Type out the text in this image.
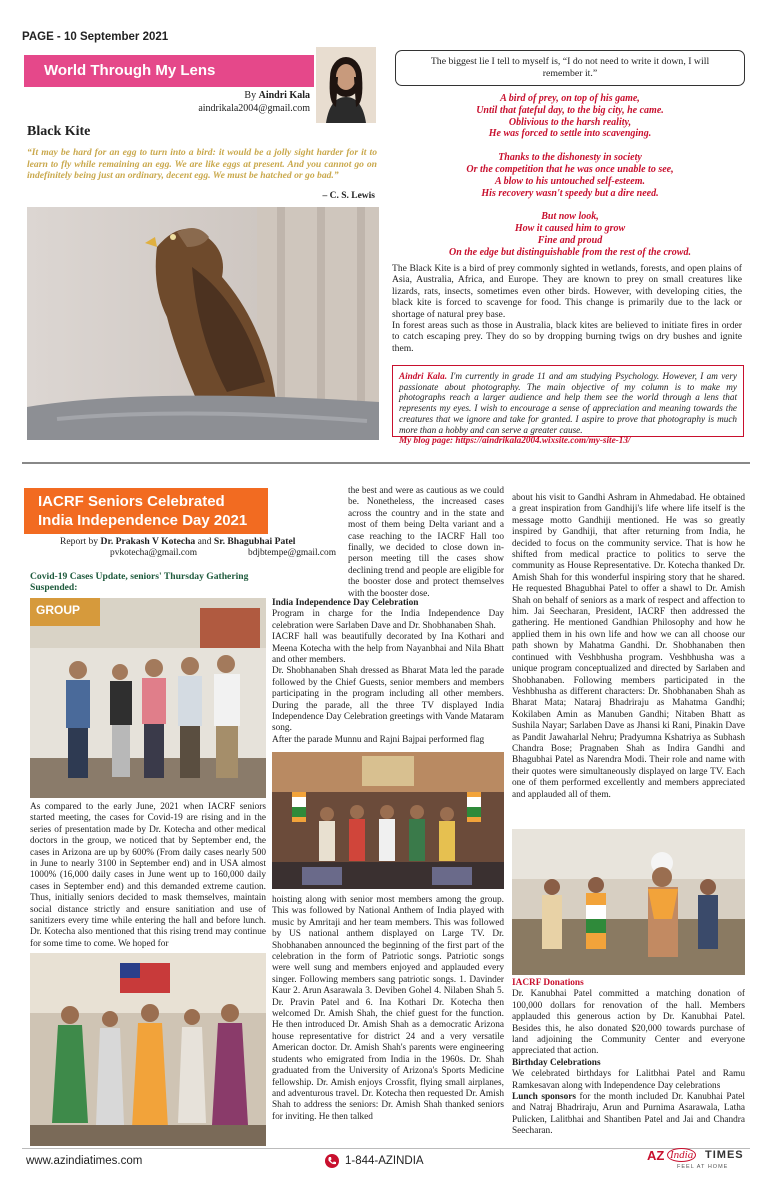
PAGE - 10 September 2021
World Through My Lens
By Aindri Kala
aindrikala2004@gmail.com
Black Kite
“It may be hard for an egg to turn into a bird: it would be a jolly sight harder for it to learn to fly while remaining an egg. We are like eggs at present. And you cannot go on indefinitely being just an ordinary, decent egg. We must be hatched or go bad.”
– C. S. Lewis
The biggest lie I tell to myself is, “I do not need to write it down, I will remember it.”
A bird of prey, on top of his game,
Until that fateful day, to the big city, he came.
Oblivious to the harsh reality,
He was forced to settle into scavenging.
Thanks to the dishonesty in society
Or the competition that he was once unable to see,
A blow to his untouched self-esteem.
His recovery wasn't speedy but a dire need.
But now look,
How it caused him to grow
Fine and proud
On the edge but distinguishable from the rest of the crowd.

The Black Kite is a bird of prey commonly sighted in wetlands, forests, and open plains of Asia, Australia, Africa, and Europe. They are known to prey on small creatures like lizards, rats, insects, sometimes even other birds. However, with developing cities, the black kite is forced to scavenge for food. This change is primarily due to the lack or shortage of natural prey base.

In forest areas such as those in Australia, black kites are believed to initiate fires in order to catch escaping prey. They do so by dropping burning twigs on dry bushes and ignite them.

Aindri Kala. I'm currently in grade 11 and am studying Psychology. However, I am very passionate about photography. The main objective of my column is to make my photographs reach a larger audience and help them see the world through a lens that represents my eyes. I wish to encourage a sense of appreciation and meaning towards the creatures that we ignore and take for granted. I aspire to prove that photography is much more than a hobby and can serve a greater cause.
My blog page: https://aindrikala2004.wixsite.com/my-site-13/
IACRF Seniors Celebrated
India Independence Day 2021
Report by Dr. Prakash V Kotecha and Sr. Bhagubhai Patel
pvkotecha@gmail.com	bdjbtempe@gmail.com
Covid-19 Cases Update, seniors' Thursday Gathering Suspended:
GROUP
As compared to the early June, 2021 when IACRF seniors started meeting, the cases for Covid-19 are rising and in the series of presentation made by Dr. Kotecha and other medical doctors in the group, we noticed that by September end, the cases in Arizona are up by 600% (From daily cases nearly 500 in June to nearly 3100 in September end) and in USA almost 1000% (16,000 daily cases in June went up to 160,000 daily cases in September end) and this demanded extreme caution. Thus, initially seniors decided to mask themselves, maintain social distance strictly and ensure sanitiation and use of sanitizers every time while entering the hall and before lunch. Dr. Kotecha also mentioned that this rising trend may continue for some time to come. We hoped for

the best and were as cautious as we could be. Nonetheless, the increased cases across the country and in the state and most of them being Delta variant and a case reaching to the IACRF Hall too finally, we decided to close down in-person meeting till the cases show declining trend and people are eligible for the booster dose and protect themselves with the booster dose.

India Independence Day Celebration

Program in charge for the India Independence Day celebration were Sarlaben Dave and Dr. Shobhanaben Shah.

IACRF hall was beautifully decorated by Ina Kothari and Meena Kotecha with the help from Nayanbhai and Nila Bhatt and other members.

Dr. Shobhanaben Shah dressed as Bharat Mata led the parade followed by the Chief Guests, senior members and members participating in the program including all other members. During the parade, all the three TV displayed India Independence Day Celebration greetings with Vande Mataram song.

After the parade Munnu and Rajni Bajpai performed flag

hoisting along with senior most members among the group. This was followed by National Anthem of India played with music by Amritaji and her team members. This was followed by US national anthem displayed on Large TV. Dr. Shobhanaben announced the beginning of the first part of the celebration in the form of Patriotic songs. Patriotic songs were well sung and members enjoyed and applauded every singer. Following members sang patriotic songs. 1. Davinder Kaur 2. Arun Asarawala 3. Deviben Gohel 4. Nilaben Shah 5. Dr. Pravin Patel and 6. Ina Kothari Dr. Kotecha then welcomed Dr. Amish Shah, the chief guest for the function. He then introduced Dr. Amish Shah as a democratic Arizona house representative for district 24 and a very versatile American doctor. Dr. Amish Shah's parents were engineering students who emigrated from India in the 1960s. Dr. Shah graduated from the University of Arizona's Sports Medicine fellowship. Dr. Amish enjoys Crossfit, flying small airplanes, and adventurous travel. Dr. Kotecha then requested Dr. Amish Shah to address the seniors: Dr. Amish Shah thanked seniors for inviting. He then talked
about his visit to Gandhi Ashram in Ahmedabad. He obtained a great inspiration from Gandhiji's life where life itself is the message motto Gandhiji mentioned. He was so greatly inspired by Gandhiji, that after returning from India, he decided to focus on the community service. That is how he shifted from medical practice to politics to serve the community as House Representative. Dr. Kotecha thanked Dr. Amish Shah for this wonderful inspiring story that he shared. He requested Bhagubhai Patel to offer a shawl to Dr. Amish Shah on behalf of seniors as a mark of respect and affection to him. Jai Seecharan, President, IACRF then addressed the gathering. He mentioned Gandhian Philosophy and how he applied them in his own life and how we can all choose our path shown by Mahatma Gandhi. Dr. Shobhanaben then continued with Veshbhusha program. Veshbhusha was a unique program conceptualized and directed by Sarlaben and Shobhanaben. Following members participated in the Veshbhusha as different characters: Dr. Shobhanaben Shah as Bharat Mata; Nataraj Bhadriraju as Mahatma Gandhi; Kokilaben Amin as Manuben Gandhi; Nitaben Bhatt as Sushila Nayar; Sarlaben Dave as Jhansi ki Rani, Pinakin Dave as Pandit Jawaharlal Nehru; Pradyumna Kshatriya as Subhash Chandra Bose; Pragnaben Shah as Indira Gandhi and Bhagubhai Patel as Narendra Modi. Their role and name with their quotes were simultaneously displayed on large TV. Each one of them performed excellently and members appreciated and applauded all of them.

IACRF Donations

Dr. Kanubhai Patel committed a matching donation of 100,000 dollars for renovation of the hall. Members applauded this generous action by Dr. Kanubhai Patel. Besides this, he also donated $20,000 towards purchase of land adjoining the Community Center and everyone appreciated that action.

Birthday Celebrations

We celebrated birthdays for Lalitbhai Patel and Ramu Ramkesavan along with Independence Day celebrations

Lunch sponsors for the month included Dr. Kanubhai Patel and Natraj Bhadriraju, Arun and Purnima Asarawala, Latha Pulicken, Lalitbhai and Shantiben Patel and Jai and Chandra Seecharan.

www.azindiatimes.com	1-844-AZINDIA	AZ India TIMES
FEEL AT HOME
